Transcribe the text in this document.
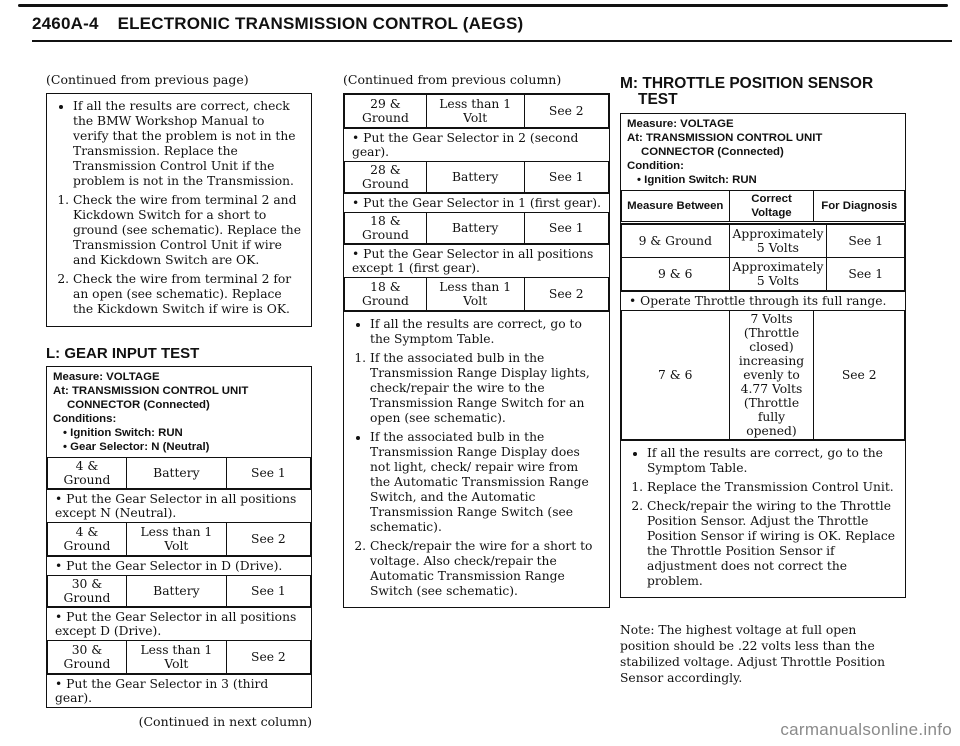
2460A-4 ELECTRONIC TRANSMISSION CONTROL (AEGS)
(Continued from previous page)
• If all the results are correct, check the BMW Workshop Manual to verify that the problem is not in the Transmission. Replace the Transmission Control Unit if the problem is not in the Transmission.
1. Check the wire from terminal 2 and Kickdown Switch for a short to ground (see schematic). Replace the Transmission Control Unit if wire and Kickdown Switch are OK.
2. Check the wire from terminal 2 for an open (see schematic). Replace the Kickdown Switch if wire is OK.
L: GEAR INPUT TEST
Measure: VOLTAGE
At: TRANSMISSION CONTROL UNIT
CONNECTOR (Connected)
Conditions:
• Ignition Switch: RUN
• Gear Selector: N (Neutral)
4 & Ground	Battery	See 1
• Put the Gear Selector in all positions except N (Neutral).
4 & Ground	Less than 1 Volt	See 2
• Put the Gear Selector in D (Drive).
30 & Ground	Battery	See 1
• Put the Gear Selector in all positions except D (Drive).
30 & Ground	Less than 1 Volt	See 2
• Put the Gear Selector in 3 (third gear).
(Continued in next column)
(Continued from previous column)
29 & Ground	Less than 1 Volt	See 2
• Put the Gear Selector in 2 (second gear).
28 & Ground	Battery	See 1
• Put the Gear Selector in 1 (first gear).
18 & Ground	Battery	See 1
• Put the Gear Selector in all positions except 1 (first gear).
18 & Ground	Less than 1 Volt	See 2
• If all the results are correct, go to the Symptom Table.
1. If the associated bulb in the Transmission Range Display lights, check/repair the wire to the Transmission Range Switch for an open (see schematic).
• If the associated bulb in the Transmission Range Display does not light, check/ repair wire from the Automatic Transmission Range Switch, and the Automatic Transmission Range Switch (see schematic).
2. Check/repair the wire for a short to voltage. Also check/repair the Automatic Transmission Range Switch (see schematic).
M: THROTTLE POSITION SENSOR
TEST
Measure: VOLTAGE
At: TRANSMISSION CONTROL UNIT
CONNECTOR (Connected)
Condition:
• Ignition Switch: RUN
Measure Between	Correct Voltage	For Diagnosis
9 & Ground	Approximately 5 Volts	See 1
9 & 6	Approximately 5 Volts	See 1
• Operate Throttle through its full range.
7 & 6	7 Volts (Throttle closed) increasing evenly to 4.77 Volts (Throttle fully opened)	See 2
• If all the results are correct, go to the Symptom Table.
1. Replace the Transmission Control Unit.
2. Check/repair the wiring to the Throttle Position Sensor. Adjust the Throttle Position Sensor if wiring is OK. Replace the Throttle Position Sensor if adjustment does not correct the problem.
Note: The highest voltage at full open position should be .22 volts less than the stabilized voltage. Adjust Throttle Position Sensor accordingly.
carmanualsonline.info
